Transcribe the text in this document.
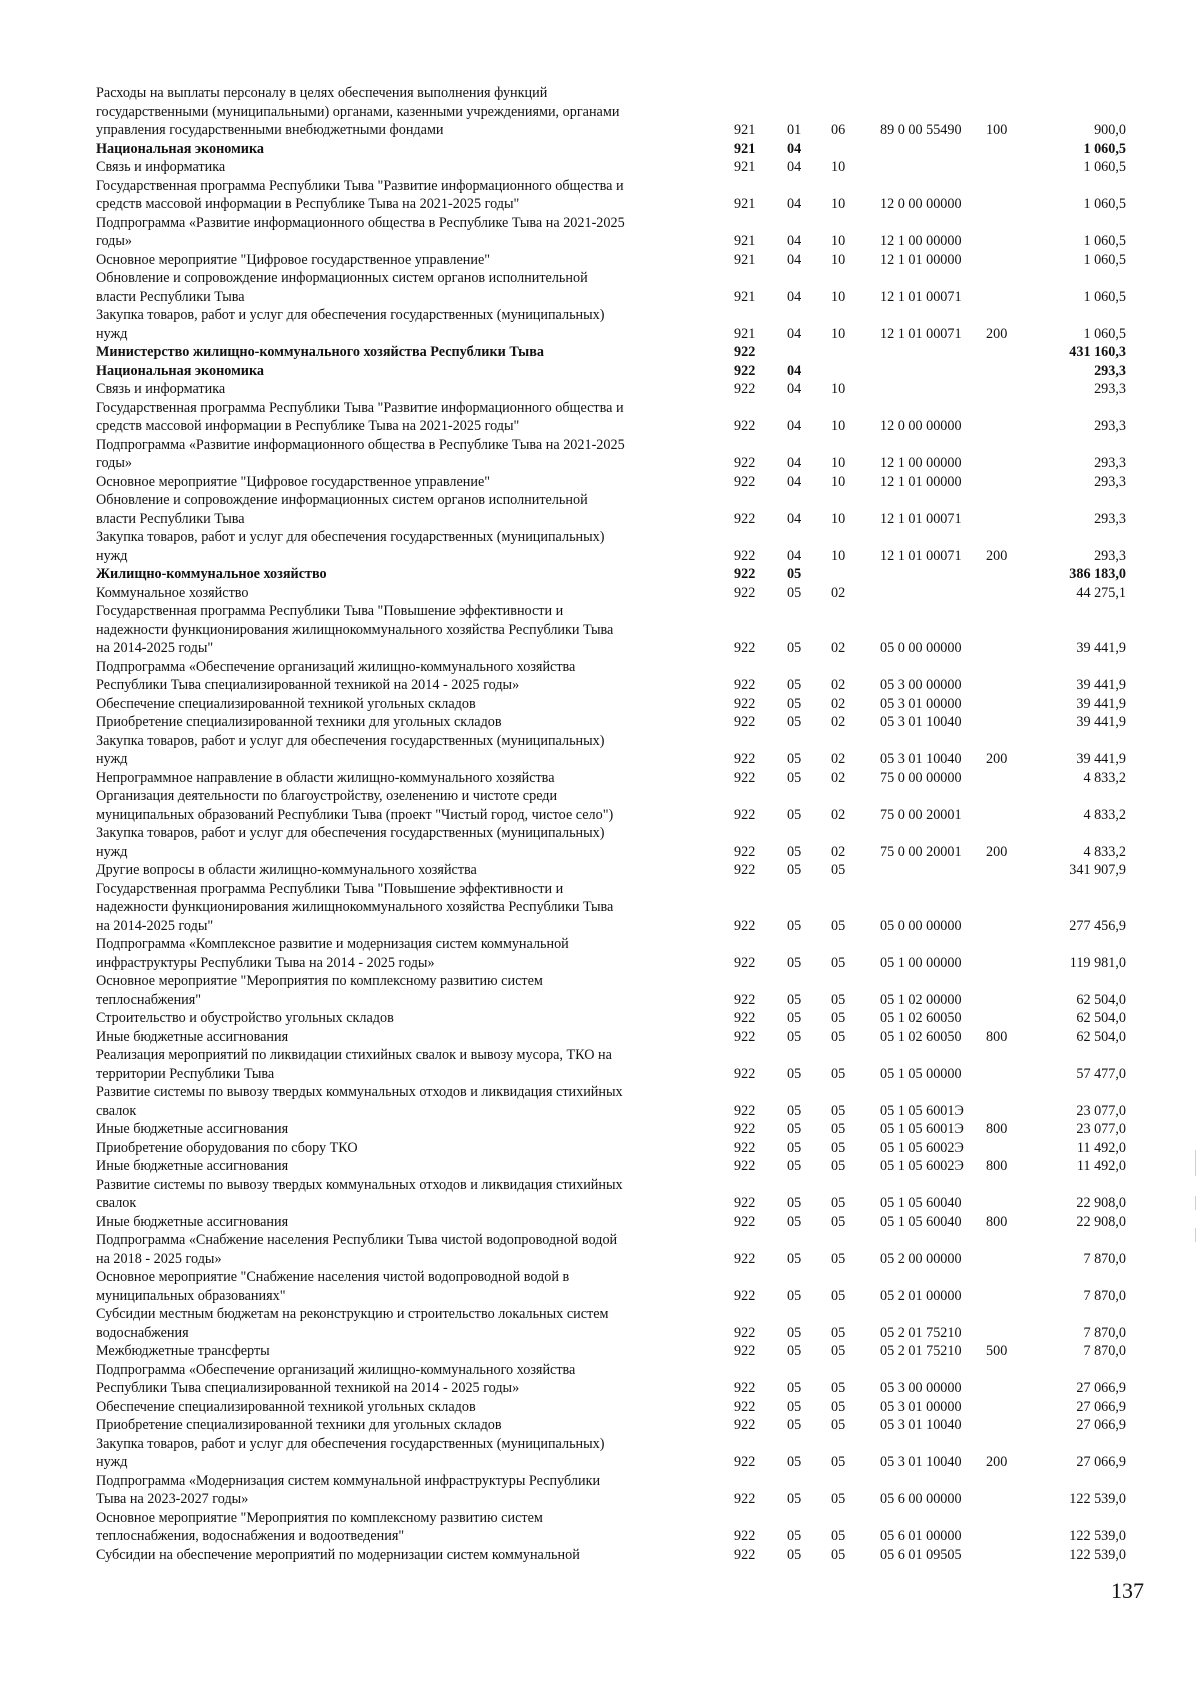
Расходы на выплаты персоналу в целях обеспечения выполнения функций
государственными (муниципальными) органами, казенными учреждениями, органами
управления государственными внебюджетными фондами	921 01 06 89 0 00 55490 100	900,0
Национальная экономика	921 04	1 060,5
Связь и информатика	921 04 10	1 060,5
Государственная программа Республики Тыва "Развитие информационного общества и
средств массовой информации в Республике Тыва на 2021-2025 годы"	921 04 10 12 0 00 00000	1 060,5
Подпрограмма «Развитие информационного общества в Республике Тыва на 2021-2025
годы»	921 04 10 12 1 00 00000	1 060,5
Основное мероприятие "Цифровое государственное управление"	921 04 10 12 1 01 00000	1 060,5
Обновление и сопровождение информационных систем органов исполнительной
власти Республики Тыва	921 04 10 12 1 01 00071	1 060,5
Закупка товаров, работ и услуг для обеспечения государственных (муниципальных)
нужд	921 04 10 12 1 01 00071 200	1 060,5
Министерство жилищно-коммунального хозяйства Республики Тыва	922	431 160,3
Национальная экономика	922 04	293,3
Связь и информатика	922 04 10	293,3
Государственная программа Республики Тыва "Развитие информационного общества и
средств массовой информации в Республике Тыва на 2021-2025 годы"	922 04 10 12 0 00 00000	293,3
Подпрограмма «Развитие информационного общества в Республике Тыва на 2021-2025
годы»	922 04 10 12 1 00 00000	293,3
Основное мероприятие "Цифровое государственное управление"	922 04 10 12 1 01 00000	293,3
Обновление и сопровождение информационных систем органов исполнительной
власти Республики Тыва	922 04 10 12 1 01 00071	293,3
Закупка товаров, работ и услуг для обеспечения государственных (муниципальных)
нужд	922 04 10 12 1 01 00071 200	293,3
Жилищно-коммунальное хозяйство	922 05	386 183,0
Коммунальное хозяйство	922 05 02	44 275,1
Государственная программа Республики Тыва "Повышение эффективности и
надежности функционирования жилищнокоммунального хозяйства Республики Тыва
на 2014-2025 годы"	922 05 02 05 0 00 00000	39 441,9
Подпрограмма «Обеспечение организаций жилищно-коммунального хозяйства
Республики Тыва специализированной техникой на 2014 - 2025 годы»	922 05 02 05 3 00 00000	39 441,9
Обеспечение специализированной техникой угольных складов	922 05 02 05 3 01 00000	39 441,9
Приобретение специализированной техники для угольных складов	922 05 02 05 3 01 10040	39 441,9
Закупка товаров, работ и услуг для обеспечения государственных (муниципальных)
нужд	922 05 02 05 3 01 10040 200	39 441,9
Непрограммное направление в области жилищно-коммунального хозяйства	922 05 02 75 0 00 00000	4 833,2
Организация деятельности по благоустройству, озеленению и чистоте среди
муниципальных образований Республики Тыва (проект "Чистый город, чистое село")	922 05 02 75 0 00 20001	4 833,2
Закупка товаров, работ и услуг для обеспечения государственных (муниципальных)
нужд	922 05 02 75 0 00 20001 200	4 833,2
Другие вопросы в области жилищно-коммунального хозяйства	922 05 05	341 907,9
Государственная программа Республики Тыва "Повышение эффективности и
надежности функционирования жилищнокоммунального хозяйства Республики Тыва
на 2014-2025 годы"	922 05 05 05 0 00 00000	277 456,9
Подпрограмма «Комплексное развитие и модернизация систем коммунальной
инфраструктуры Республики Тыва на 2014 - 2025 годы»	922 05 05 05 1 00 00000	119 981,0
Основное мероприятие "Мероприятия по комплексному развитию систем
теплоснабжения"	922 05 05 05 1 02 00000	62 504,0
Строительство и обустройство угольных складов	922 05 05 05 1 02 60050	62 504,0
Иные бюджетные ассигнования	922 05 05 05 1 02 60050 800	62 504,0
Реализация мероприятий по ликвидации стихийных свалок и вывозу мусора, ТКО на
территории Республики Тыва	922 05 05 05 1 05 00000	57 477,0
Развитие системы по вывозу твердых коммунальных отходов и ликвидация стихийных
свалок	922 05 05 05 1 05 6001Э	23 077,0
Иные бюджетные ассигнования	922 05 05 05 1 05 6001Э 800	23 077,0
Приобретение оборудования по сбору ТКО	922 05 05 05 1 05 6002Э	11 492,0
Иные бюджетные ассигнования	922 05 05 05 1 05 6002Э 800	11 492,0
Развитие системы по вывозу твердых коммунальных отходов и ликвидация стихийных
свалок	922 05 05 05 1 05 60040	22 908,0
Иные бюджетные ассигнования	922 05 05 05 1 05 60040 800	22 908,0
Подпрограмма «Снабжение населения Республики Тыва чистой водопроводной водой
на 2018 - 2025 годы»	922 05 05 05 2 00 00000	7 870,0
Основное мероприятие "Снабжение населения чистой водопроводной водой в
муниципальных образованиях"	922 05 05 05 2 01 00000	7 870,0
Субсидии местным бюджетам на реконструкцию и строительство локальных систем
водоснабжения	922 05 05 05 2 01 75210	7 870,0
Межбюджетные трансферты	922 05 05 05 2 01 75210 500	7 870,0
Подпрограмма «Обеспечение организаций жилищно-коммунального хозяйства
Республики Тыва специализированной техникой на 2014 - 2025 годы»	922 05 05 05 3 00 00000	27 066,9
Обеспечение специализированной техникой угольных складов	922 05 05 05 3 01 00000	27 066,9
Приобретение специализированной техники для угольных складов	922 05 05 05 3 01 10040	27 066,9
Закупка товаров, работ и услуг для обеспечения государственных (муниципальных)
нужд	922 05 05 05 3 01 10040 200	27 066,9
Подпрограмма «Модернизация систем коммунальной инфраструктуры Республики
Тыва на 2023-2027 годы»	922 05 05 05 6 00 00000	122 539,0
Основное мероприятие "Мероприятия по комплексному развитию систем
теплоснабжения, водоснабжения и водоотведения"	922 05 05 05 6 01 00000	122 539,0
Субсидии на обеспечение мероприятий по модернизации систем коммунальной	922 05 05 05 6 01 09505	122 539,0
137
